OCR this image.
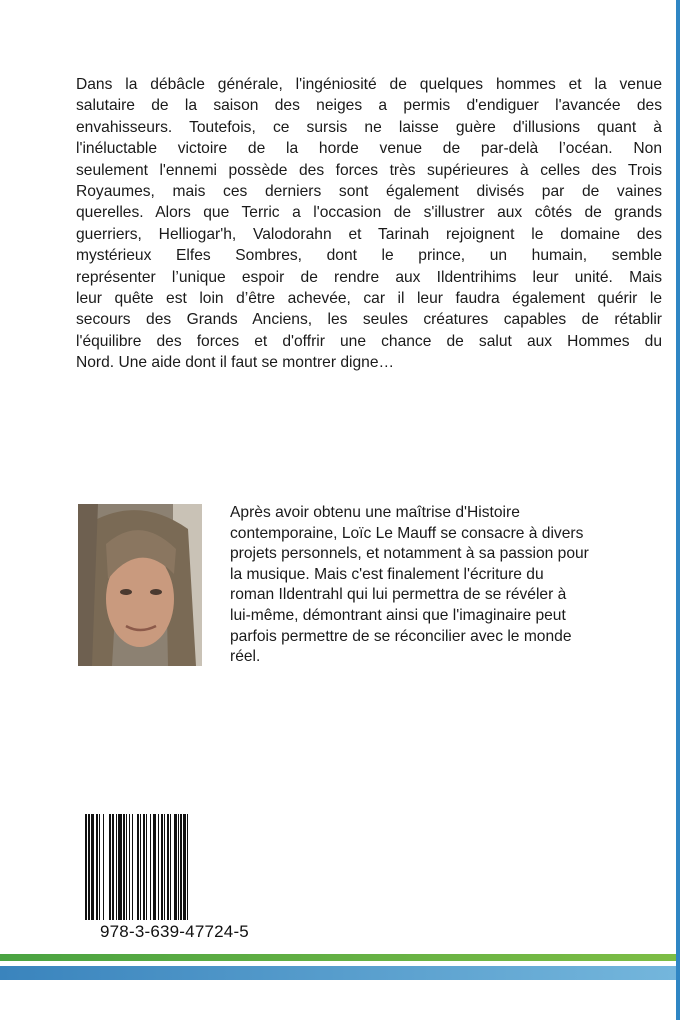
Dans la débâcle générale, l'ingéniosité de quelques hommes et la venue
salutaire de la saison des neiges a permis d'endiguer l'avancée des
envahisseurs. Toutefois, ce sursis ne laisse guère d'illusions quant à
l'inéluctable victoire de la horde venue de par-delà l’océan. Non
seulement l'ennemi possède des forces très supérieures à celles des Trois
Royaumes, mais ces derniers sont également divisés par de vaines
querelles. Alors que Terric a l'occasion de s'illustrer aux côtés de grands
guerriers, Helliogar'h, Valodorahn et Tarinah rejoignent le domaine des
mystérieux Elfes Sombres, dont le prince, un humain, semble
représenter l’unique espoir de rendre aux Ildentrihims leur unité. Mais
leur quête est loin d’être achevée, car il leur faudra également quérir le
secours des Grands Anciens, les seules créatures capables de rétablir
l'équilibre des forces et d'offrir une chance de salut aux Hommes du
Nord. Une aide dont il faut se montrer digne…
Après avoir obtenu une maîtrise d'Histoire
contemporaine, Loïc Le Mauff se consacre à divers
projets personnels, et notamment à sa passion pour
la musique. Mais c'est finalement l'écriture du
roman Ildentrahl qui lui permettra de se révéler à
lui-même, démontrant ainsi que l'imaginaire peut
parfois permettre de se réconcilier avec le monde
réel.
978-3-639-47724-5
